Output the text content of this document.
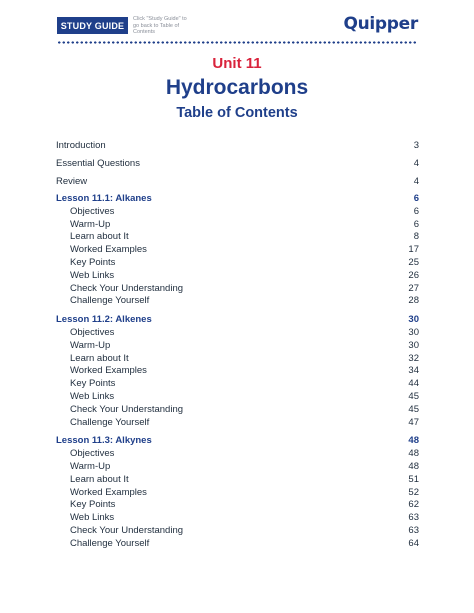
STUDY GUIDE
Click "Study Guide" to go back to Table of Contents	Quipper
Unit 11
Hydrocarbons
Table of Contents
Introduction	3
Essential Questions	4
Review	4
Lesson 11.1: Alkanes	6
Objectives	6
Warm-Up	6
Learn about It	8
Worked Examples	17
Key Points	25
Web Links	26
Check Your Understanding	27
Challenge Yourself	28
Lesson 11.2: Alkenes	30
Objectives	30
Warm-Up	30
Learn about It	32
Worked Examples	34
Key Points	44
Web Links	45
Check Your Understanding	45
Challenge Yourself	47
Lesson 11.3: Alkynes	48
Objectives	48
Warm-Up	48
Learn about It	51
Worked Examples	52
Key Points	62
Web Links	63
Check Your Understanding	63
Challenge Yourself	64
